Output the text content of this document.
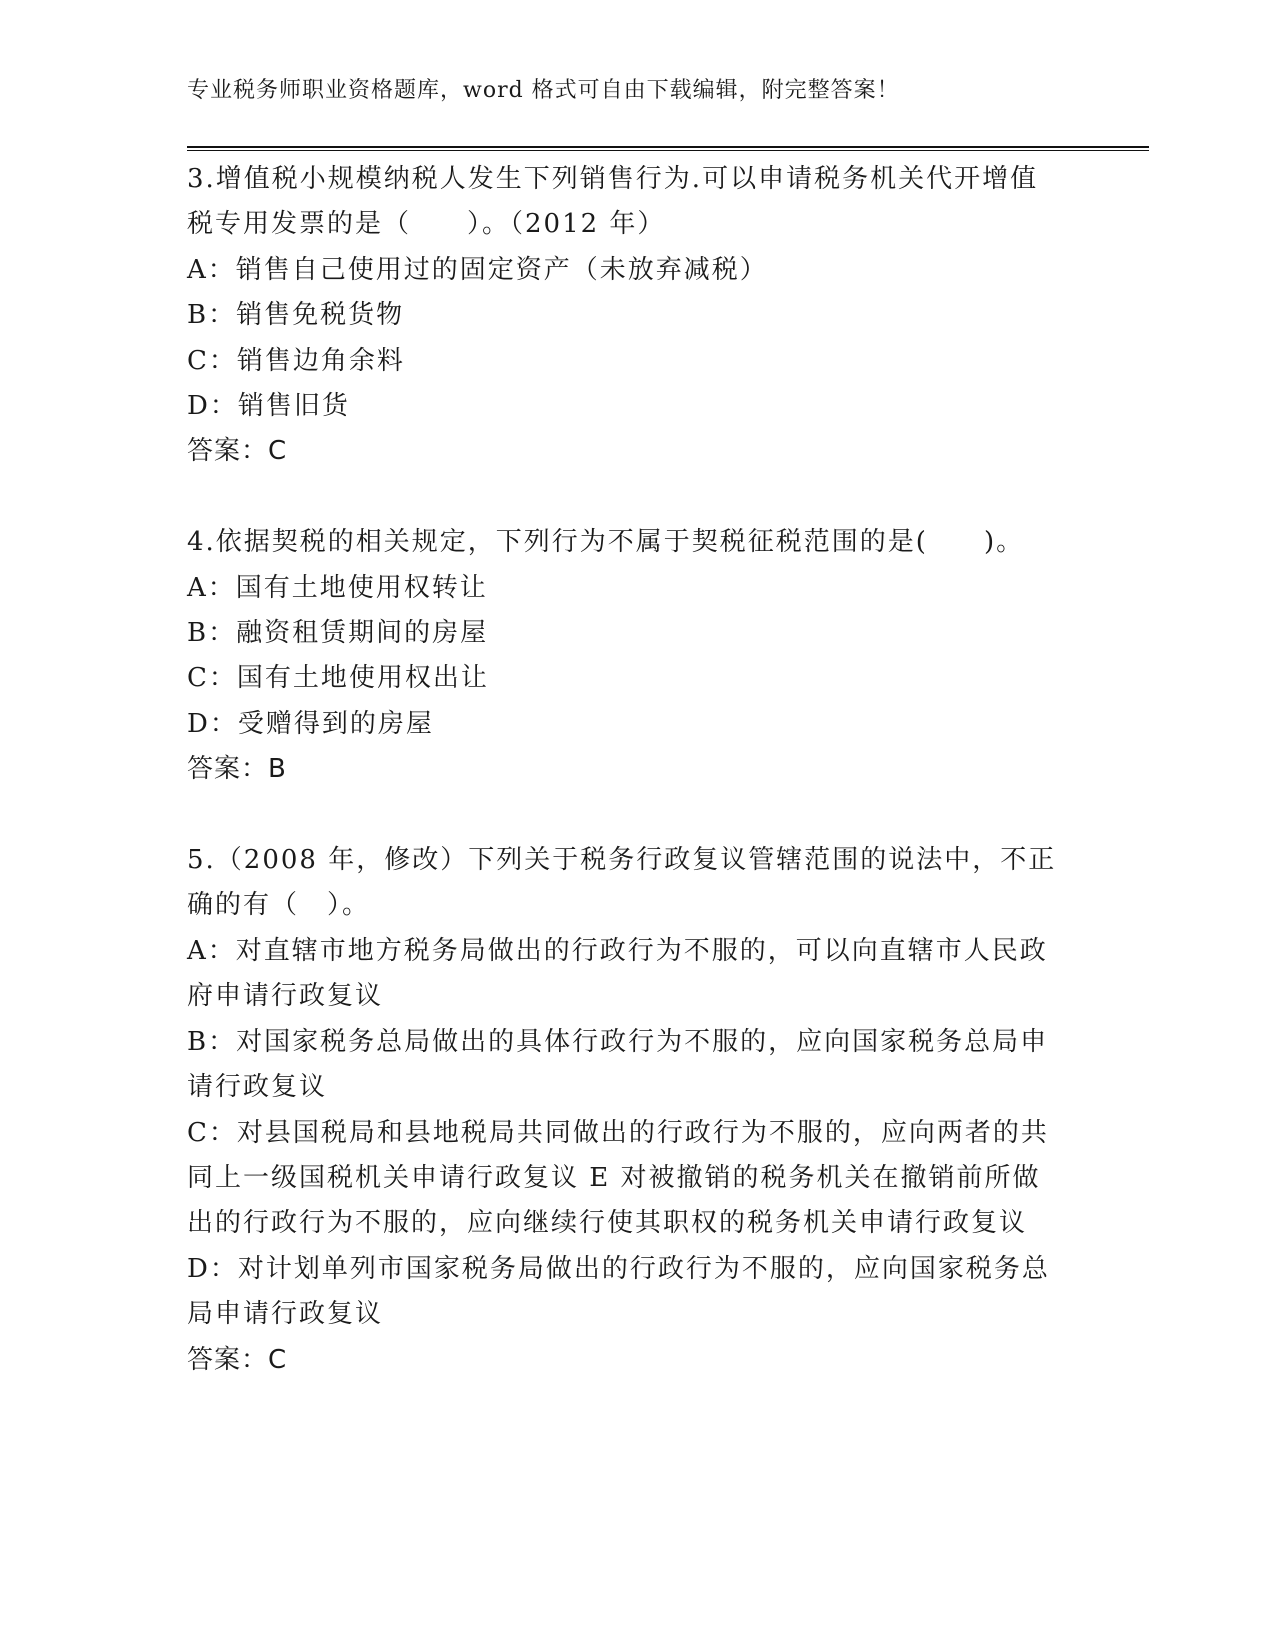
专业税务师职业资格题库，word 格式可自由下载编辑，附完整答案！
3.增值税小规模纳税人发生下列销售行为.可以申请税务机关代开增值
税专用发票的是（　　）。（2012 年）
A：销售自己使用过的固定资产（未放弃减税）
B：销售免税货物
C：销售边角余料
D：销售旧货
答案：C
4.依据契税的相关规定，下列行为不属于契税征税范围的是(　　)。
A：国有土地使用权转让
B：融资租赁期间的房屋
C：国有土地使用权出让
D：受赠得到的房屋
答案：B
5.（2008 年，修改）下列关于税务行政复议管辖范围的说法中，不正
确的有（　）。
A：对直辖市地方税务局做出的行政行为不服的，可以向直辖市人民政
府申请行政复议
B：对国家税务总局做出的具体行政行为不服的，应向国家税务总局申
请行政复议
C：对县国税局和县地税局共同做出的行政行为不服的，应向两者的共
同上一级国税机关申请行政复议 E 对被撤销的税务机关在撤销前所做
出的行政行为不服的，应向继续行使其职权的税务机关申请行政复议
D：对计划单列市国家税务局做出的行政行为不服的，应向国家税务总
局申请行政复议
答案：C
